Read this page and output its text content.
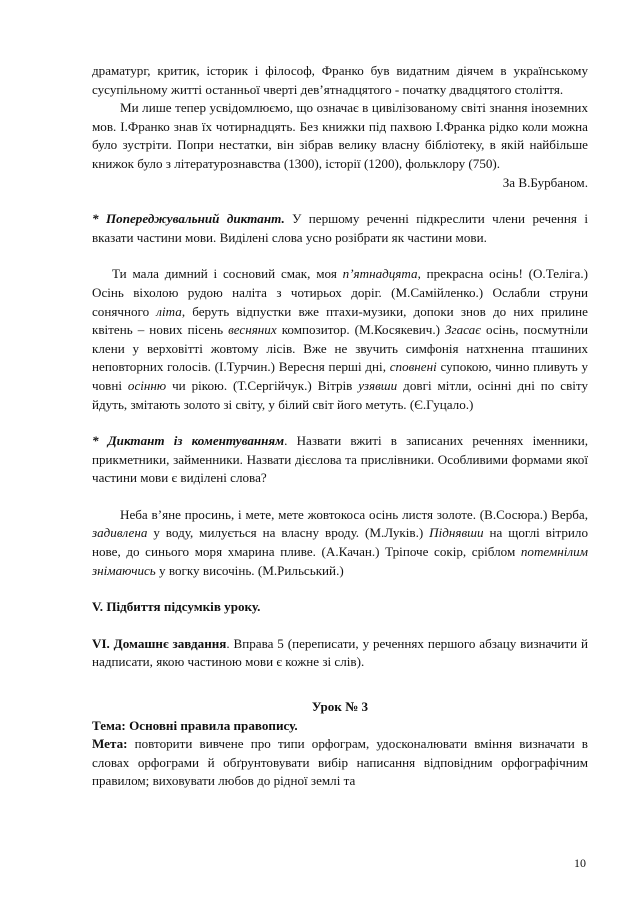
драматург, критик, історик і філософ, Франко був видатним діячем в українському сусупільному житті останньої чверті дев’ятнадцятого - початку двадцятого століття.

Ми лише тепер усвідомлюємо, що означає в цивілізованому світі знання іноземних мов. І.Франко знав їх чотирнадцять. Без книжки під пахвою І.Франка рідко коли можна було зустріти. Попри нестатки, він зібрав велику власну бібліотеку, в якій найбільше книжок було з літературознавства (1300), історії (1200), фольклору (750).

За В.Бурбаном.

* Попереджувальний диктант. У першому реченні підкреслити члени речення і вказати частини мови. Виділені слова усно розібрати як частини мови.

Ти мала димний і сосновий смак, моя п’ятнадцята, прекрасна осінь! (О.Теліга.) Осінь віхолою рудою наліта з чотирьох доріг. (М.Самійленко.) Ослабли струни сонячного літа, беруть відпустки вже птахи-музики, допоки знов до них прилине квітень – нових пісень весняних композитор. (М.Косякевич.) Згасає осінь, посмутніли клени у верховітті жовтому лісів. Вже не звучить симфонія натхненна пташиних неповторних голосів. (І.Турчин.) Вересня перші дні, сповнені супокою, чинно пливуть у човні осінню чи рікою. (Т.Сергійчук.) Вітрів узявши довгі мітли, осінні дні по світу йдуть, змітають золото зі світу, у білий світ його метуть. (Є.Гуцало.)

* Диктант із коментуванням. Назвати вжиті в записаних реченнях іменники, прикметники, займенники. Назвати дієслова та прислівники. Особливими формами якої частини мови є виділені слова?

Неба в’яне просинь, і мете, мете жовтокоса осінь листя золоте. (В.Сосюра.) Верба, задивлена у воду, милується на власну вроду. (М.Луків.) Піднявши на щоглі вітрило нове, до синього моря хмарина пливе. (А.Качан.) Тріпоче сокір, сріблом потемнілим знімаючись у вогку височінь. (М.Рильський.)

V. Підбиття підсумків уроку.

VI. Домашнє завдання. Вправа 5 (переписати, у реченнях першого абзацу визначити й надписати, якою частиною мови є кожне зі слів).

Урок № 3

Тема: Основні правила правопису.

Мета: повторити вивчене про типи орфограм, удосконалювати вміння визначати в словах орфограми й обґрунтовувати вибір написання відповідним орфографічним правилом; виховувати любов до рідної землі та

10
